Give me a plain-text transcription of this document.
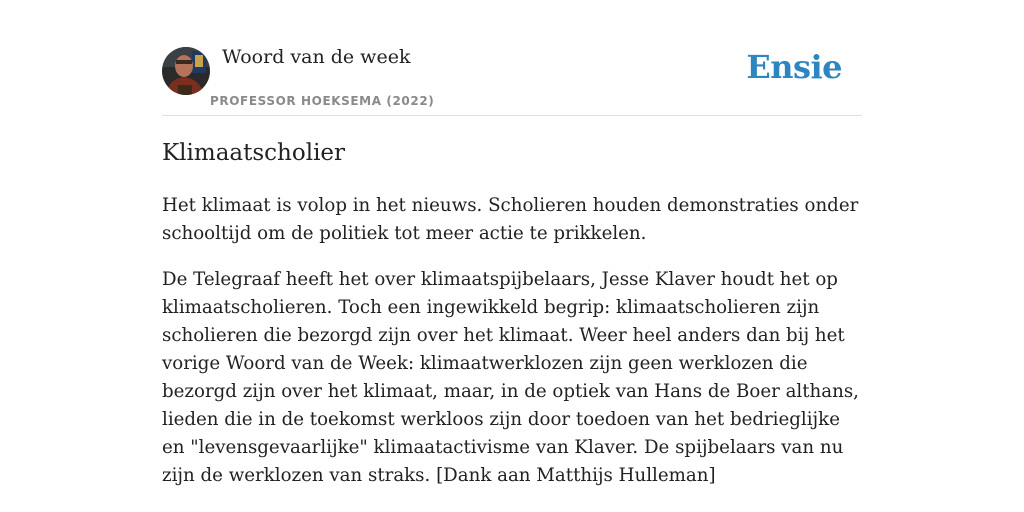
Woord van de week
PROFESSOR HOEKSEMA (2022)
Ensie
Klimaatscholier

Het klimaat is volop in het nieuws. Scholieren houden demonstraties onder schooltijd om de politiek tot meer actie te prikkelen.

De Telegraaf heeft het over klimaatspijbelaars, Jesse Klaver houdt het op klimaatscholieren. Toch een ingewikkeld begrip: klimaatscholieren zijn scholieren die bezorgd zijn over het klimaat. Weer heel anders dan bij het vorige Woord van de Week: klimaatwerklozen zijn geen werklozen die bezorgd zijn over het klimaat, maar, in de optiek van Hans de Boer althans, lieden die in de toekomst werkloos zijn door toedoen van het bedrieglijke en "levensgevaarlijke" klimaatactivisme van Klaver. De spijbelaars van nu zijn de werklozen van straks. [Dank aan Matthijs Hulleman]
